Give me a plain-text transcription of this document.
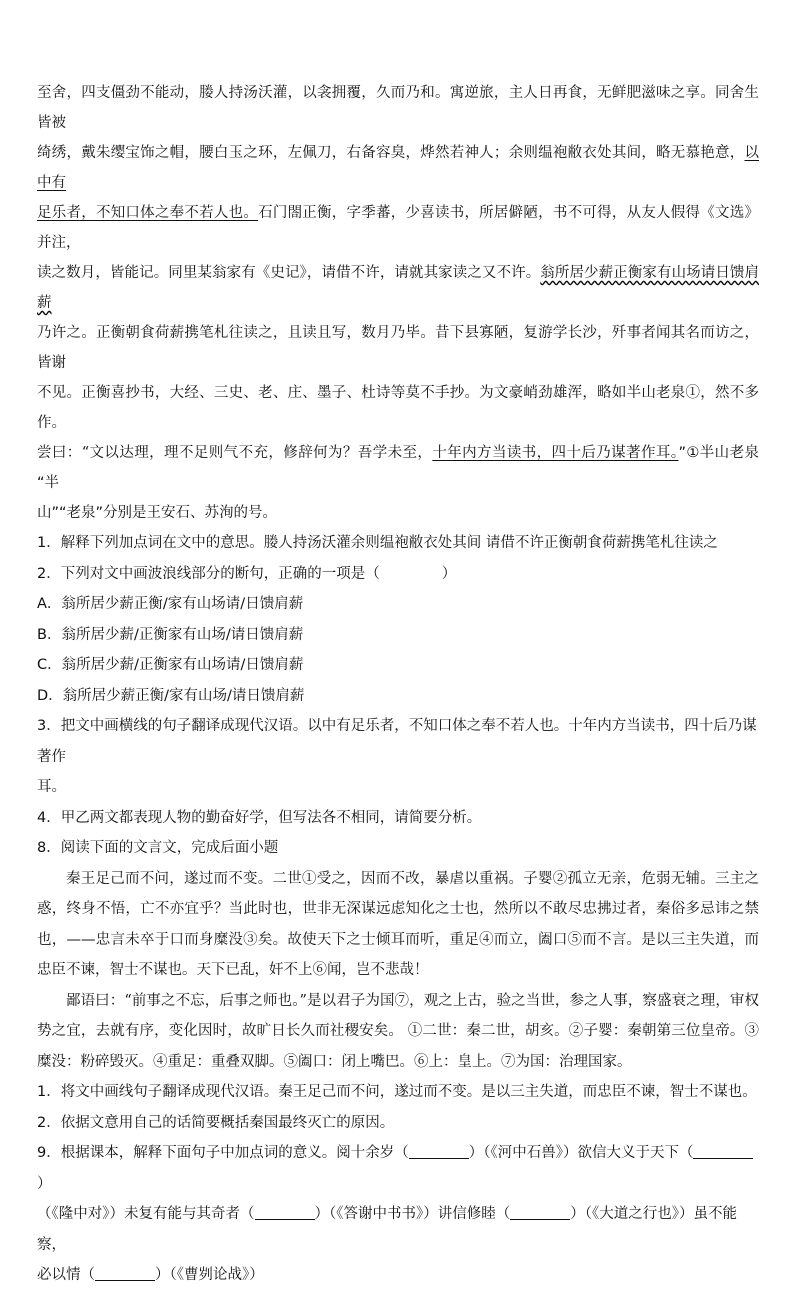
至舍，四支僵劲不能动，媵人持汤沃灌，以衾拥覆，久而乃和。寓逆旅，主人日再食，无鲜肥滋味之享。同舍生皆被
绮绣，戴朱缨宝饰之帽，腰白玉之环，左佩刀，右备容臭，烨然若神人；余则缊袍敝衣处其间，略无慕艳意，以中有
足乐者，不知口体之奉不若人也。石门閤正衡，字季蕃，少喜读书，所居僻陋，书不可得，从友人假得《文选》并注，
读之数月，皆能记。同里某翁家有《史记》，请借不许，请就其家读之又不许。翁所居少薪正衡家有山场请日馈肩薪
乃许之。正衡朝食荷薪携笔札往读之，且读且写，数月乃毕。昔下县寡陋，复游学长沙，歼事者闻其名而访之，皆谢
不见。正衡喜抄书，大经、三史、老、庄、墨子、杜诗等莫不手抄。为文豪峭劲雄浑，略如半山老泉①，然不多作。
尝曰：“文以达理，理不足则气不充，修辞何为？吾学未至，十年内方当读书，四十后乃谋著作耳。”①半山老泉 “半
山”“老泉”分别是王安石、苏洵的号。

1．解释下列加点词在文中的意思。媵人持汤沃灌余则缊袍敝衣处其间 请借不许正衡朝食荷薪携笔札往读之

2．下列对文中画波浪线部分的断句，正确的一项是（	）

A．翁所居少薪正衡/家有山场请/日馈肩薪

B．翁所居少薪/正衡家有山场/请日馈肩薪

C．翁所居少薪/正衡家有山场请/日馈肩薪

D．翁所居少薪正衡/家有山场/请日馈肩薪

3．把文中画横线的句子翻译成现代汉语。以中有足乐者，不知口体之奉不若人也。十年内方当读书，四十后乃谋著作

耳。

4．甲乙两文都表现人物的勤奋好学，但写法各不相同，请简要分析。

8．阅读下面的文言文，完成后面小题

秦王足己而不问，遂过而不变。二世①受之，因而不改，暴虐以重祸。子婴②孤立无亲，危弱无辅。三主之惑，终身不悟，亡不亦宜乎？当此时也，世非无深谋远虑知化之士也，然所以不敢尽忠拂过者，秦俗多忌讳之禁也，——忠言未卒于口而身糜没③矣。故使天下之士倾耳而听，重足④而立，阖口⑤而不言。是以三主失道，而忠臣不谏，智士不谋也。天下已乱，奸不上⑥闻，岂不悲哉！

鄙语曰：“前事之不忘，后事之师也。”是以君子为国⑦，观之上古，验之当世，参之人事，察盛衰之理，审权势之宜，去就有序，变化因时，故旷日长久而社稷安矣。 ①二世：秦二世，胡亥。②子婴：秦朝第三位皇帝。③糜没：粉碎毁灭。④重足：重叠双脚。⑤阖口：闭上嘴巴。⑥上：皇上。⑦为国：治理国家。

1．将文中画线句子翻译成现代汉语。秦王足己而不问，遂过而不变。是以三主失道，而忠臣不谏，智士不谋也。

2．依据文意用自己的话简要概括秦国最终灭亡的原因。

9．根据课本，解释下面句子中加点词的意义。阅十余岁（	）（《河中石兽》）欲信大义于天下（）
（《隆中对》）未复有能与其奇者（	）（《答谢中书书》）讲信修睦（	）（《大道之行也》）虽不能察，
必以情（	）（《曹刿论战》）
